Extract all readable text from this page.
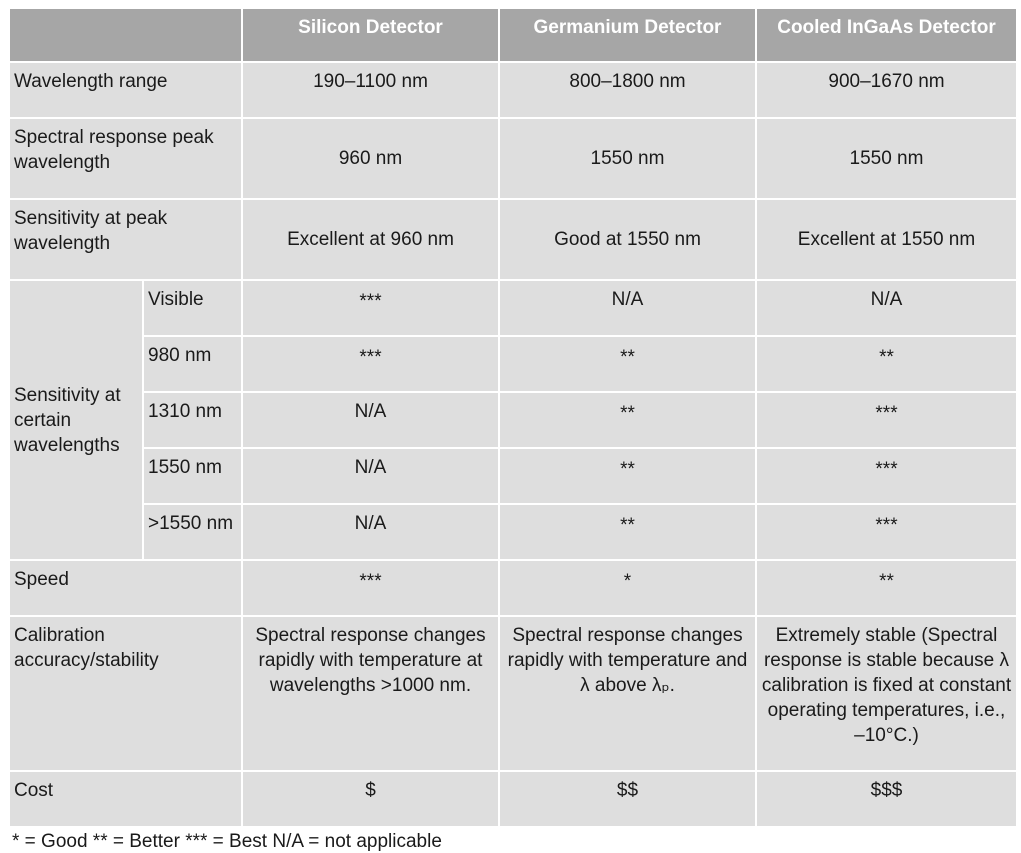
		Silicon Detector	Germanium Detector	Cooled InGaAs Detector
Wavelength range		190–1100 nm	800–1800 nm	900–1670 nm
Spectral response peak wavelength		960 nm	1550 nm	1550 nm
Sensitivity at peak wavelength		Excellent at 960 nm	Good at 1550 nm	Excellent at 1550 nm
Sensitivity at certain wavelengths	Visible	***	N/A	N/A
	980 nm	***	**	**
	1310 nm	N/A	**	***
	1550 nm	N/A	**	***
	>1550 nm	N/A	**	***
Speed		***	*	**
Calibration accuracy/stability		Spectral response changes rapidly with temperature at wavelengths >1000 nm.	Spectral response changes rapidly with temperature and λ above λₚ.	Extremely stable (Spectral response is stable because λ calibration is fixed at constant operating temperatures, i.e., –10°C.)
Cost		$	$$	$$$
* = Good ** = Better *** = Best N/A = not applicable
